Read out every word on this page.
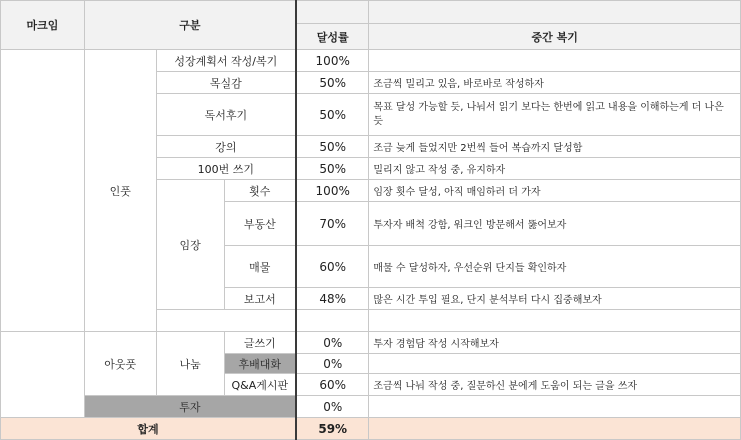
마크임	구분				
				달성률	중간 복기
	인풋	성장계획서 작성/복기		100%	
		목실감		50%	조금씩 밀리고 있음, 바로바로 작성하자
		독서후기		50%	목표 달성 가능할 듯, 나눠서 읽기 보다는 한번에 읽고 내용을 이해하는게 더 나은 듯
		강의		50%	조금 늦게 들었지만 2번씩 들어 복습까지 달성함
		100번 쓰기		50%	밀리지 않고 작성 중, 유지하자
		임장	횟수	100%	임장 횟수 달성, 아직 매임하러 더 가자
			부동산	70%	투자자 배척 강함, 워크인 방문해서 뚫어보자
			매물	60%	매물 수 달성하자, 우선순위 단지들 확인하자
			보고서	48%	많은 시간 투입 필요, 단지 분석부터 다시 집중해보자

	아웃풋	나눔	글쓰기	0%	투자 경험담 작성 시작해보자
			후배대화	0%	
			Q&A게시판	60%	조금씩 나눠 작성 중, 질문하신 분에게 도움이 되는 글을 쓰자
	투자			0%	
합계				59%	
